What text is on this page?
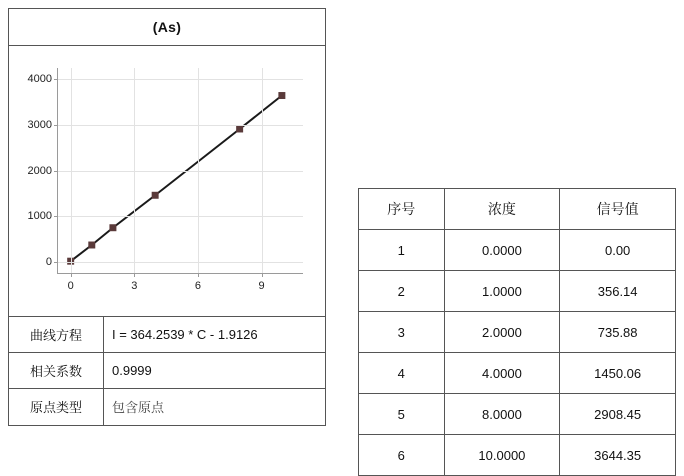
(As)
0
1000
2000
3000
4000
0	3	6	9
曲线方程	I = 364.2539 * C - 1.9126
相关系数	0.9999
原点类型	包含原点
序号	浓度	信号值
1	0.0000	0.00
2	1.0000	356.14
3	2.0000	735.88
4	4.0000	1450.06
5	8.0000	2908.45
6	10.0000	3644.35
